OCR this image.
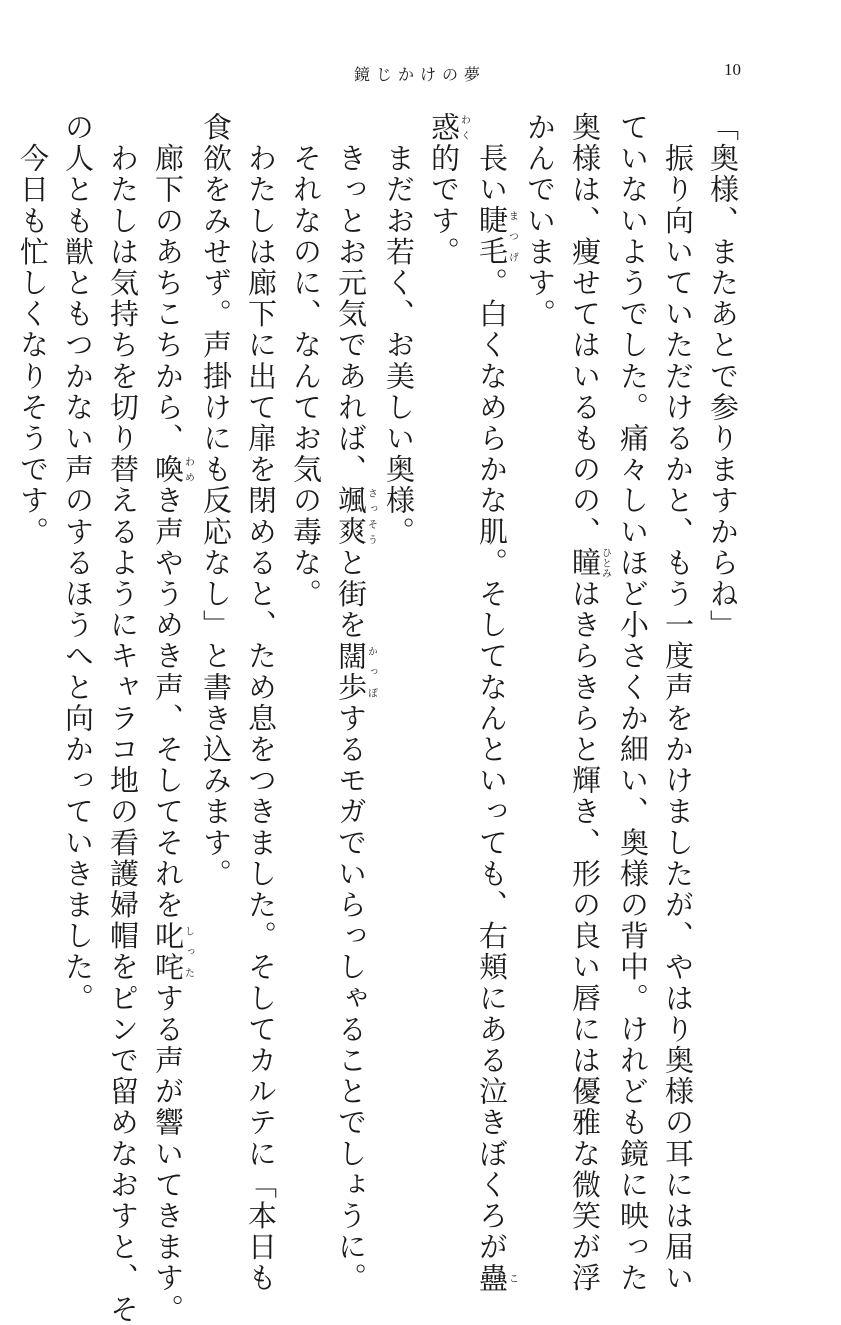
鏡じかけの夢	10
「奥様、またあとで参りますからね」
　振り向いていただけるかと、もう一度声をかけましたが、やはり奥様の耳には届い
ていないようでした。痛々しいほど小さくか細い、奥様の背中。けれども鏡に映った
奥様は、痩せてはいるものの、瞳ひとみはきらきらと輝き、形の良い唇には優雅な微笑が浮
かんでいます。
　長い睫毛まつげ。白くなめらかな肌。そしてなんといっても、右頬にある泣きぼくろが蠱こ
惑わく的です。
　まだお若く、お美しい奥様。
　きっとお元気であれば、颯爽さっそうと街を闊歩かっぽするモガでいらっしゃることでしょうに。
　それなのに、なんてお気の毒な。
　わたしは廊下に出て扉を閉めると、ため息をつきました。そしてカルテに「本日も
食欲をみせず。声掛けにも反応なし」と書き込みます。
　廊下のあちこちから、喚わめき声やうめき声、そしてそれを叱咤しったする声が響いてきます。
　わたしは気持ちを切り替えるようにキャラコ地の看護婦帽をピンで留めなおすと、そ
の人とも獣ともつかない声のするほうへと向かっていきました。
　今日も忙しくなりそうです。
